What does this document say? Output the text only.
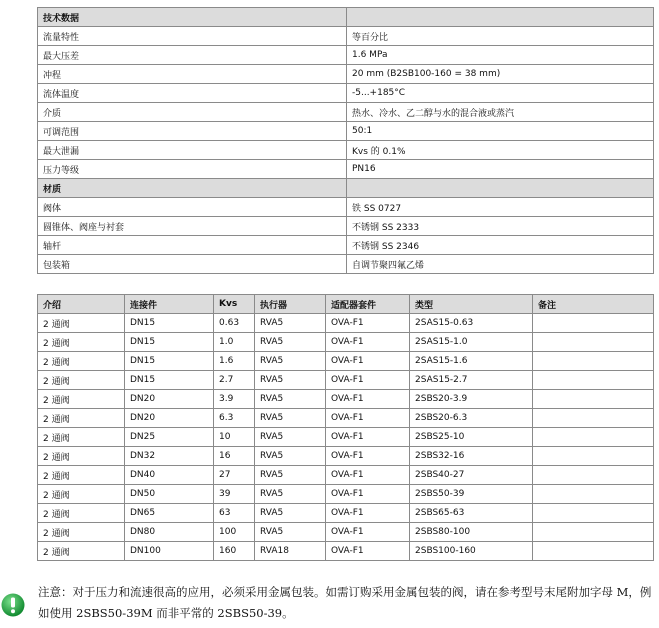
技术数据	
流量特性	等百分比
最大压差	1.6 MPa
冲程	20 mm (B2SB100-160 = 38 mm)
流体温度	-5...+185°C
介质	热水、冷水、乙二醇与水的混合液或蒸汽
可调范围	50:1
最大泄漏	Kvs 的 0.1%
压力等级	PN16
材质	
阀体	铁 SS 0727
圆锥体、阀座与衬套	不锈钢 SS 2333
轴杆	不锈钢 SS 2346
包装箱	自调节聚四氟乙烯
介绍	连接件	Kvs	执行器	适配器套件	类型	备注
2 通阀	DN15	0.63	RVA5	OVA-F1	2SAS15-0.63	
2 通阀	DN15	1.0	RVA5	OVA-F1	2SAS15-1.0	
2 通阀	DN15	1.6	RVA5	OVA-F1	2SAS15-1.6	
2 通阀	DN15	2.7	RVA5	OVA-F1	2SAS15-2.7	
2 通阀	DN20	3.9	RVA5	OVA-F1	2SBS20-3.9	
2 通阀	DN20	6.3	RVA5	OVA-F1	2SBS20-6.3	
2 通阀	DN25	10	RVA5	OVA-F1	2SBS25-10	
2 通阀	DN32	16	RVA5	OVA-F1	2SBS32-16	
2 通阀	DN40	27	RVA5	OVA-F1	2SBS40-27	
2 通阀	DN50	39	RVA5	OVA-F1	2SBS50-39	
2 通阀	DN65	63	RVA5	OVA-F1	2SBS65-63	
2 通阀	DN80	100	RVA5	OVA-F1	2SBS80-100	
2 通阀	DN100	160	RVA18	OVA-F1	2SBS100-160	
注意：对于压力和流速很高的应用，必须采用金属包装。如需订购采用金属包装的阀，请在参考型号末尾附加字母 M，例如使用 2SBS50-39M 而非平常的 2SBS50-39。
